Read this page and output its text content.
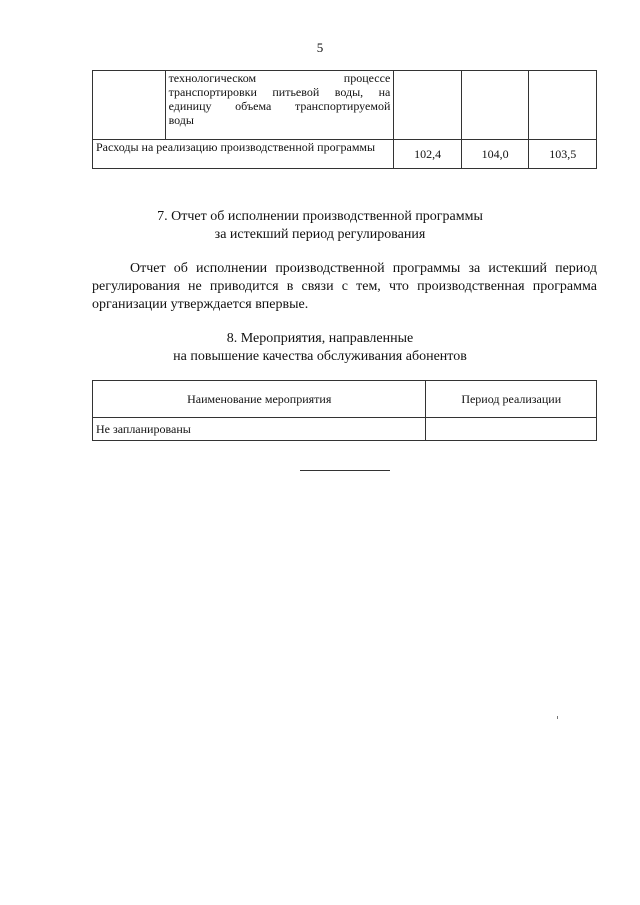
5

	технологическом процессе
транспортировки питьевой воды, на
единицу объема транспортируемой
воды			

Расходы на реализацию производственной программы		102,4	104,0	103,5
7. Отчет об исполнении производственной программы
за истекший период регулирования
Отчет об исполнении производственной программы за истекший период регулирования не приводится в связи с тем, что производственная программа организации утверждается впервые.
8. Мероприятия, направленные
на повышение качества обслуживания абонентов
Наименование мероприятия	Период реализации
Не запланированы	
